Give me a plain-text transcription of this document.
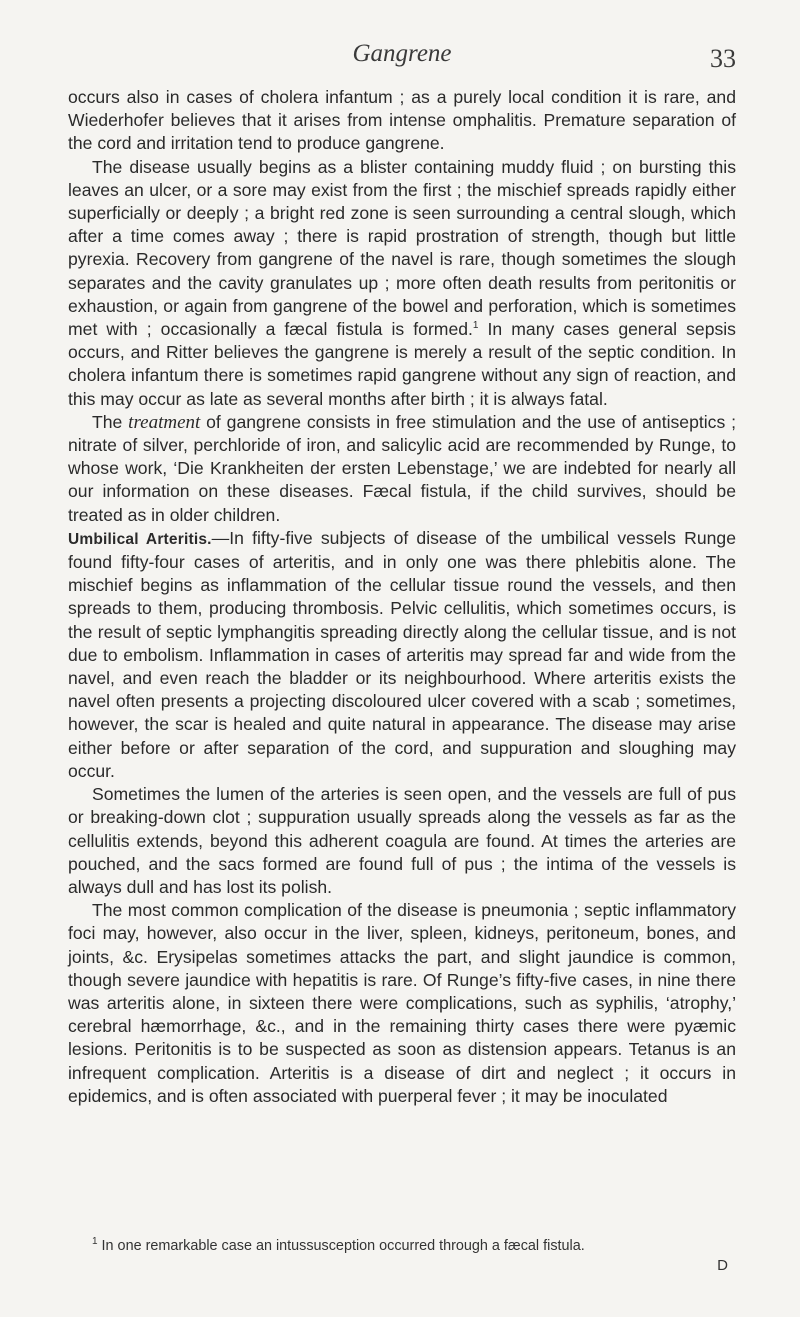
Gangrene	33

occurs also in cases of cholera infantum ; as a purely local condition it is rare, and Wiederhofer believes that it arises from intense omphalitis. Premature separation of the cord and irritation tend to produce gangrene.

The disease usually begins as a blister containing muddy fluid ; on bursting this leaves an ulcer, or a sore may exist from the first ; the mischief spreads rapidly either superficially or deeply ; a bright red zone is seen surrounding a central slough, which after a time comes away ; there is rapid prostration of strength, though but little pyrexia. Recovery from gangrene of the navel is rare, though sometimes the slough separates and the cavity granulates up ; more often death results from peritonitis or exhaustion, or again from gangrene of the bowel and perforation, which is sometimes met with ; occasionally a fæcal fistula is formed.$^1$ In many cases general sepsis occurs, and Ritter believes the gangrene is merely a result of the septic condition. In cholera infantum there is sometimes rapid gangrene without any sign of reaction, and this may occur as late as several months after birth ; it is always fatal.

The treatment of gangrene consists in free stimulation and the use of antiseptics ; nitrate of silver, perchloride of iron, and salicylic acid are recommended by Runge, to whose work, ‘Die Krankheiten der ersten Lebenstage,’ we are indebted for nearly all our information on these diseases. Fæcal fistula, if the child survives, should be treated as in older children.

Umbilical Arteritis.—In fifty-five subjects of disease of the umbilical vessels Runge found fifty-four cases of arteritis, and in only one was there phlebitis alone. The mischief begins as inflammation of the cellular tissue round the vessels, and then spreads to them, producing thrombosis. Pelvic cellulitis, which sometimes occurs, is the result of septic lymphangitis spreading directly along the cellular tissue, and is not due to embolism. Inflammation in cases of arteritis may spread far and wide from the navel, and even reach the bladder or its neighbourhood. Where arteritis exists the navel often presents a projecting discoloured ulcer covered with a scab ; sometimes, however, the scar is healed and quite natural in appearance. The disease may arise either before or after separation of the cord, and suppuration and sloughing may occur.

Sometimes the lumen of the arteries is seen open, and the vessels are full of pus or breaking-down clot ; suppuration usually spreads along the vessels as far as the cellulitis extends, beyond this adherent coagula are found. At times the arteries are pouched, and the sacs formed are found full of pus ; the intima of the vessels is always dull and has lost its polish.

The most common complication of the disease is pneumonia ; septic inflammatory foci may, however, also occur in the liver, spleen, kidneys, peritoneum, bones, and joints, &c. Erysipelas sometimes attacks the part, and slight jaundice is common, though severe jaundice with hepatitis is rare. Of Runge’s fifty-five cases, in nine there was arteritis alone, in sixteen there were complications, such as syphilis, ‘atrophy,’ cerebral hæmorrhage, &c., and in the remaining thirty cases there were pyæmic lesions. Peritonitis is to be suspected as soon as distension appears. Tetanus is an infrequent complication. Arteritis is a disease of dirt and neglect ; it occurs in epidemics, and is often associated with puerperal fever ; it may be inoculated

$^1$ In one remarkable case an intussusception occurred through a fæcal fistula.
D
